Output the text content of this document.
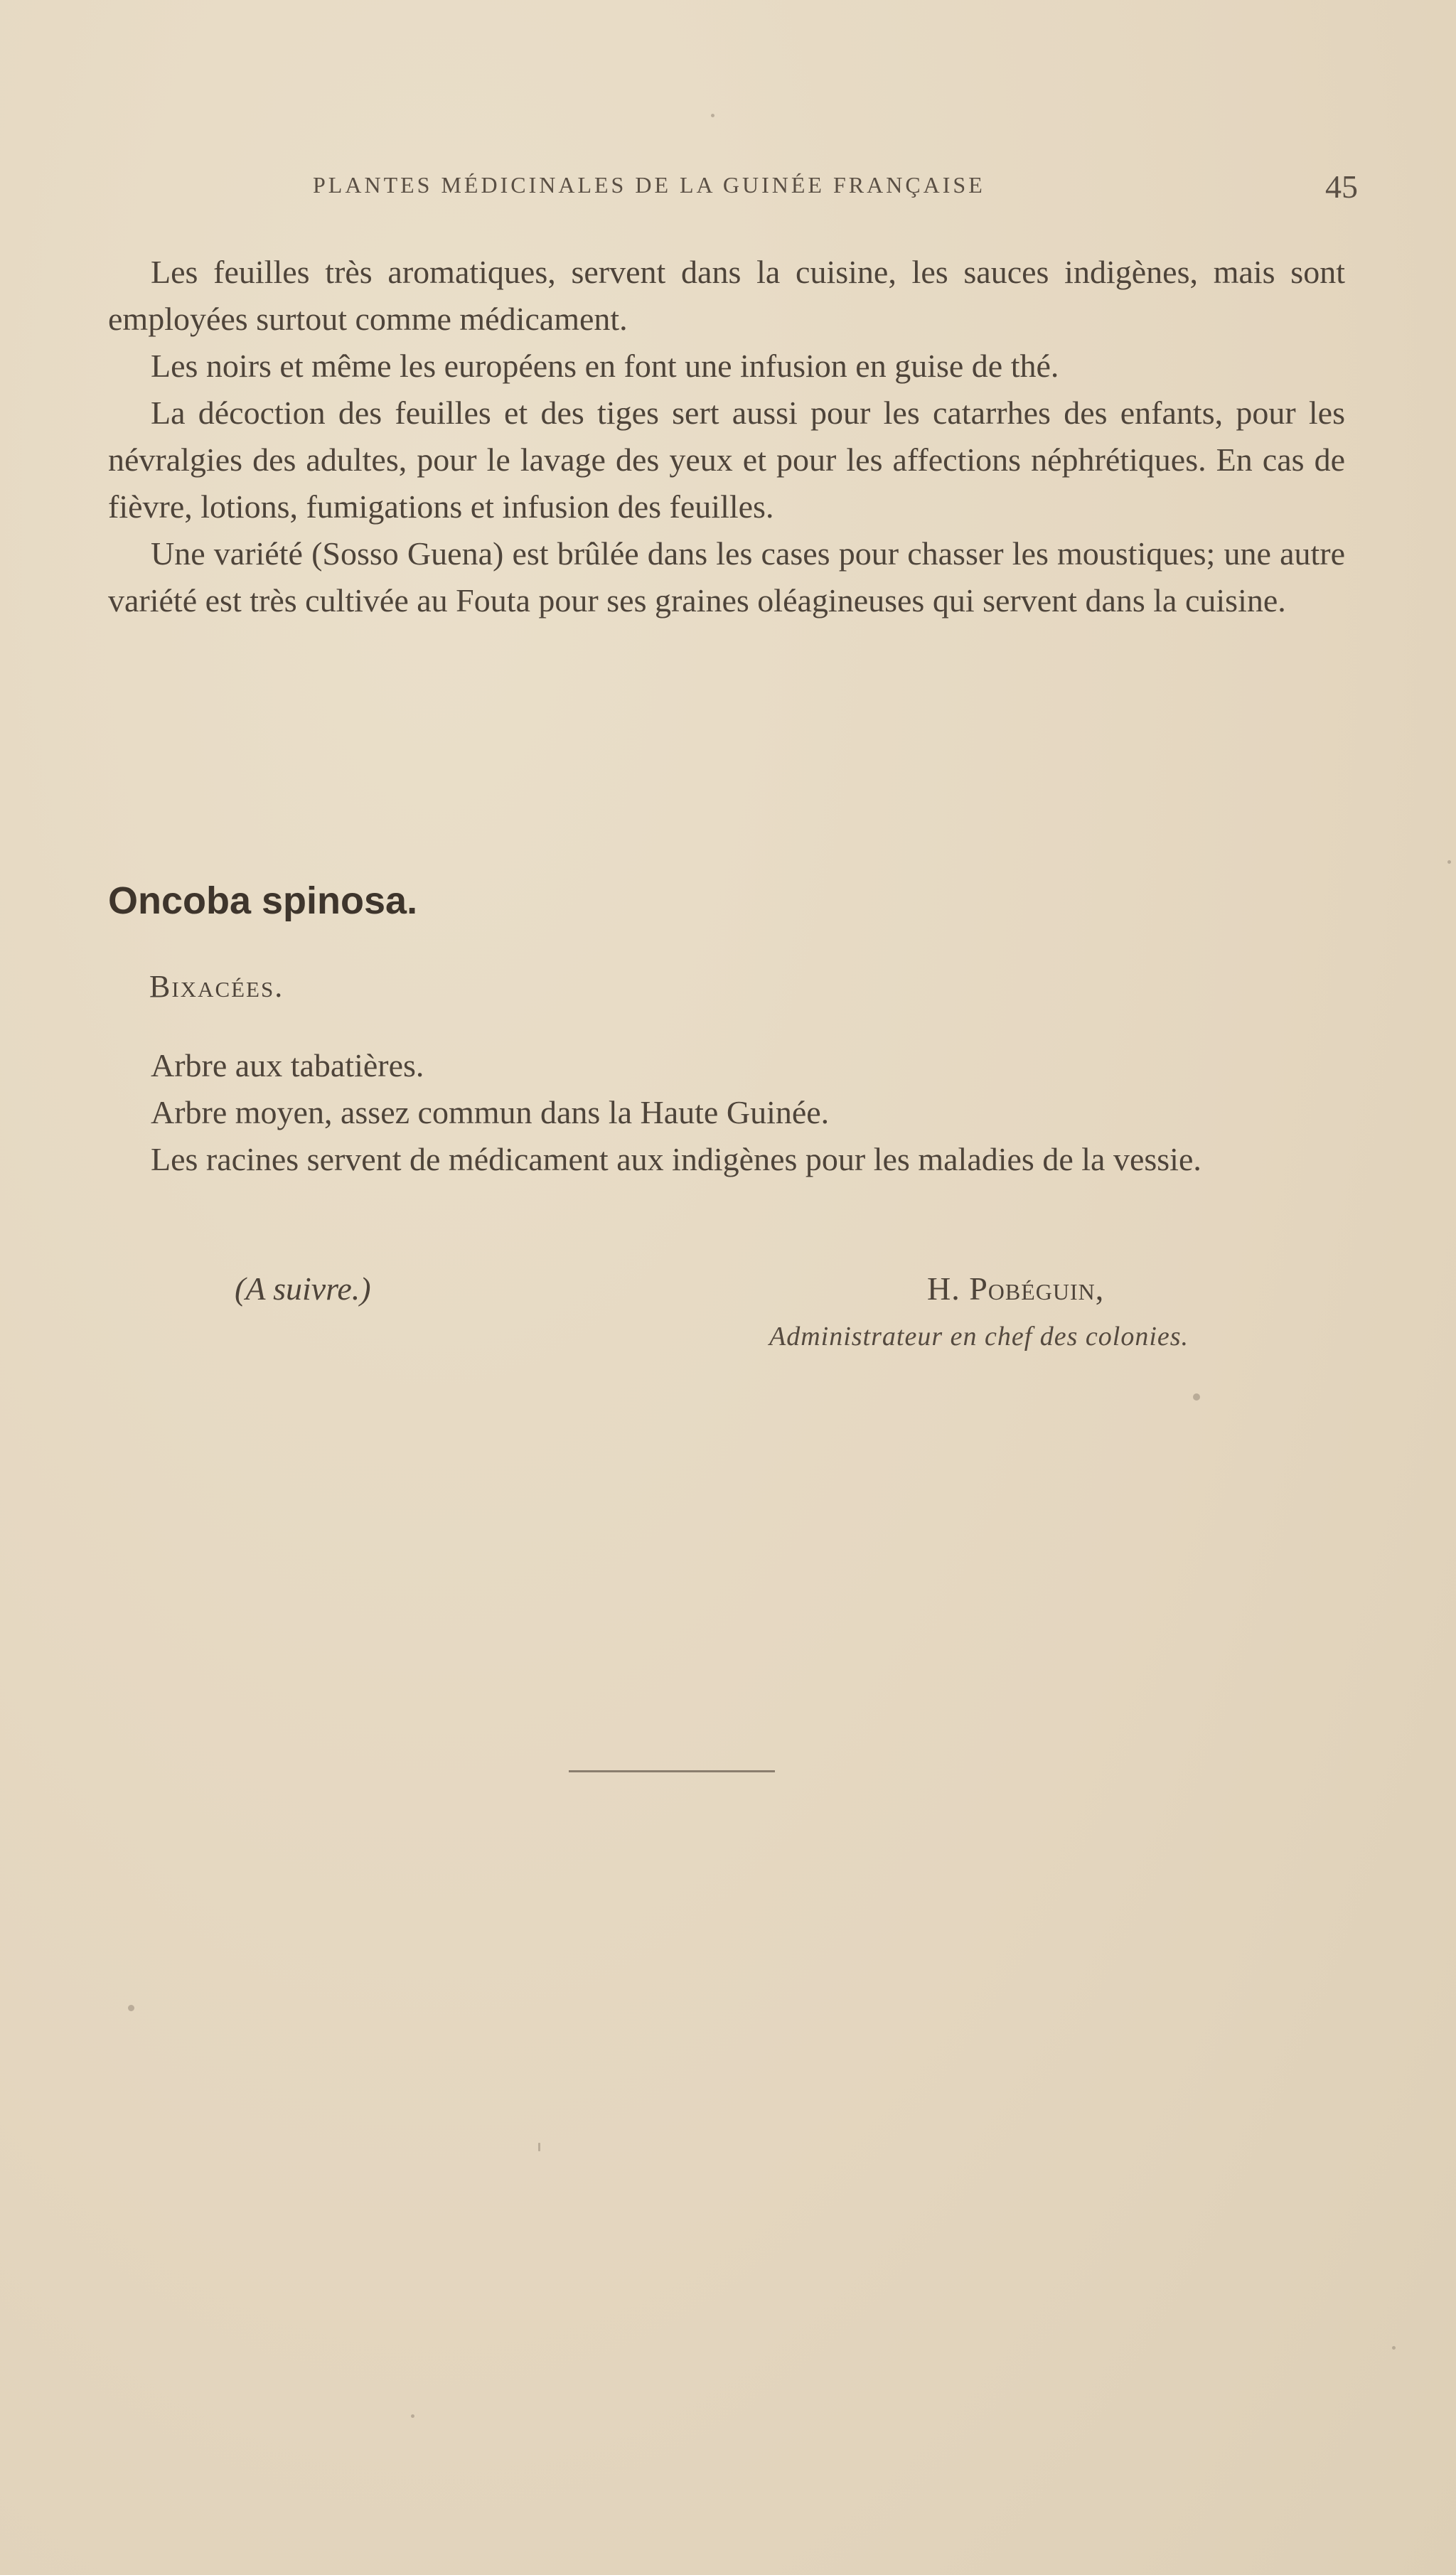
PLANTES MÉDICINALES DE LA GUINÉE FRANÇAISE	45

Les feuilles très aromatiques, servent dans la cuisine, les sauces indigènes, mais sont employées surtout comme médicament.

Les noirs et même les européens en font une infusion en guise de thé.

La décoction des feuilles et des tiges sert aussi pour les catarrhes des enfants, pour les névralgies des adultes, pour le lavage des yeux et pour les affections néphrétiques. En cas de fièvre, lotions, fumigations et infusion des feuilles.

Une variété (Sosso Guena) est brûlée dans les cases pour chasser les moustiques; une autre variété est très cultivée au Fouta pour ses graines oléagineuses qui servent dans la cuisine.

Oncoba spinosa.
Bixacées.

Arbre aux tabatières.

Arbre moyen, assez commun dans la Haute Guinée.

Les racines servent de médicament aux indigènes pour les maladies de la vessie.

(A suivre.)	H. Pobéguin,
Administrateur en chef des colonies.
